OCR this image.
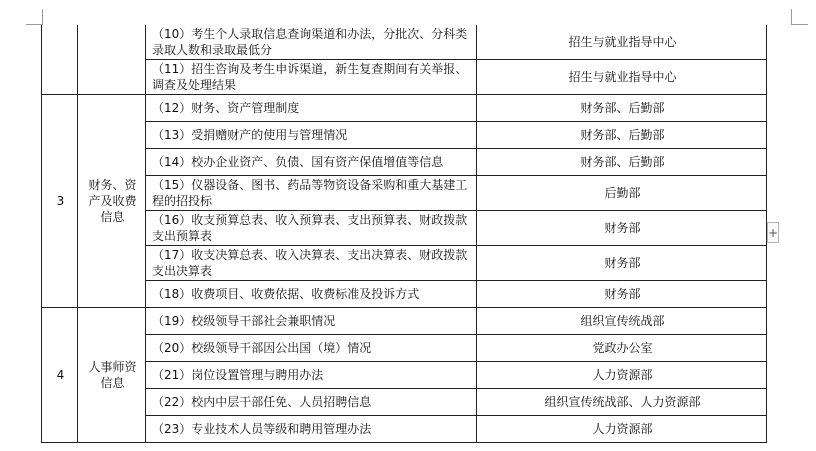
		（10）考生个人录取信息查询渠道和办法，分批次、分科类录取人数和录取最低分	招生与就业指导中心
		（11）招生咨询及考生申诉渠道，新生复查期间有关举报、调查及处理结果	招生与就业指导中心
3	财务、资产及收费信息	（12）财务、资产管理制度	财务部、后勤部
		（13）受捐赠财产的使用与管理情况	财务部、后勤部
		（14）校办企业资产、负债、国有资产保值增值等信息	财务部、后勤部
		（15）仪器设备、图书、药品等物资设备采购和重大基建工程的招投标	后勤部
		（16）收支预算总表、收入预算表、支出预算表、财政拨款支出预算表	财务部
		（17）收支决算总表、收入决算表、支出决算表、财政拨款支出决算表	财务部
		（18）收费项目、收费依据、收费标准及投诉方式	财务部
4	人事师资信息	（19）校级领导干部社会兼职情况	组织宣传统战部
		（20）校级领导干部因公出国（境）情况	党政办公室
		（21）岗位设置管理与聘用办法	人力资源部
		（22）校内中层干部任免、人员招聘信息	组织宣传统战部、人力资源部
		（23）专业技术人员等级和聘用管理办法	人力资源部
+
